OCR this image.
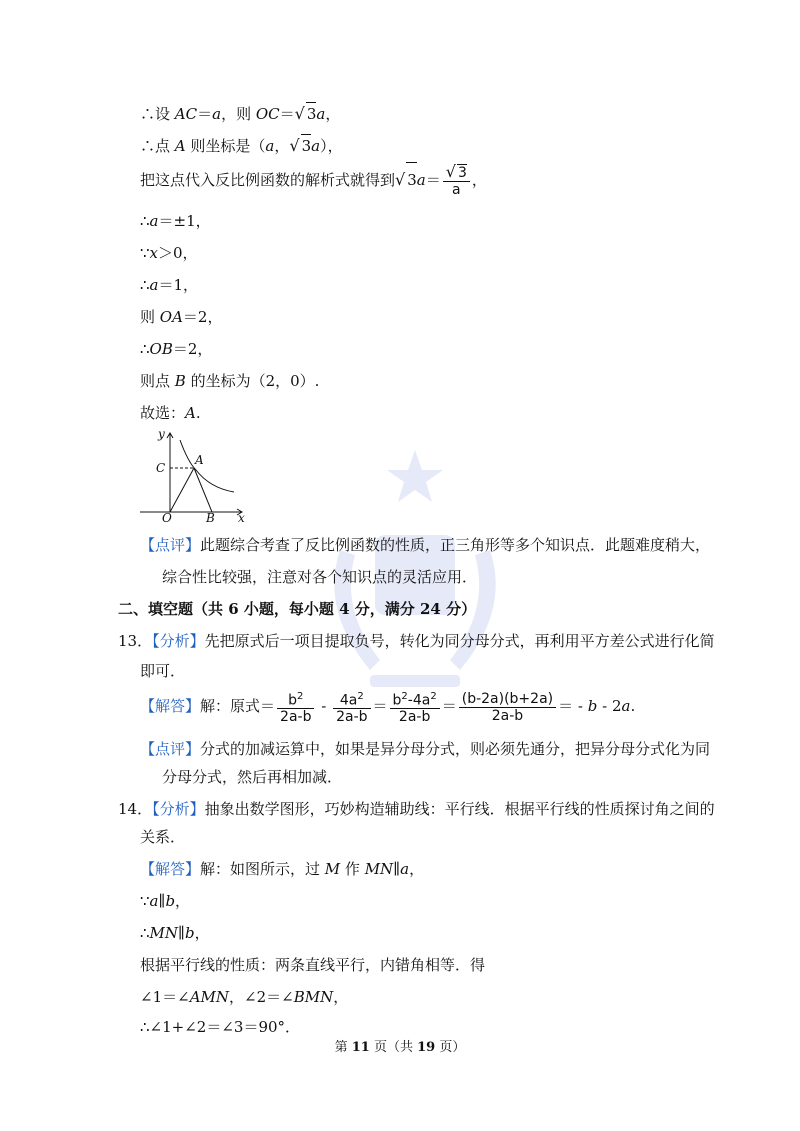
∴设 AC＝a，则 OC＝√ 3a，
∴点 A 则坐标是（a，√ 3a），
把这点代入反比例函数的解析式就得到√ $3a= \frac{√ 3}{a}$ ，
∴a＝±1，
∵x＞0，
∴a＝1，
则 OA＝2，
∴OB＝2，
则点 B 的坐标为（2，0）.
故选：A.
y
x
C
A
O	B
【点评】此题综合考查了反比例函数的性质，正三角形等多个知识点．此题难度稍大，
综合性比较强，注意对各个知识点的灵活应用．
二、填空题（共 6 小题，每小题 4 分，满分 24 分）
13．【分析】先把原式后一项目提取负号，转化为同分母分式，再利用平方差公式进行化简
即可．
【解答】解：原式＝ $\frac{b^2}{2a-b} - \frac{4a^2}{2a-b} = \frac{b^2-4a^2}{2a-b} = \frac{(b-2a)(b+2a)}{2a-b}$ ＝ - b - 2a.
【点评】分式的加减运算中，如果是异分母分式，则必须先通分，把异分母分式化为同
分母分式，然后再相加减．
14．【分析】抽象出数学图形，巧妙构造辅助线：平行线．根据平行线的性质探讨角之间的
关系．
【解答】解：如图所示，过 M 作 MN∥a，
∵a∥b，
∴MN∥b，
根据平行线的性质：两条直线平行，内错角相等．得
∠1＝∠AMN，∠2＝∠BMN，
∴∠1+∠2＝∠3＝90°．
第 11 页（共 19 页）
